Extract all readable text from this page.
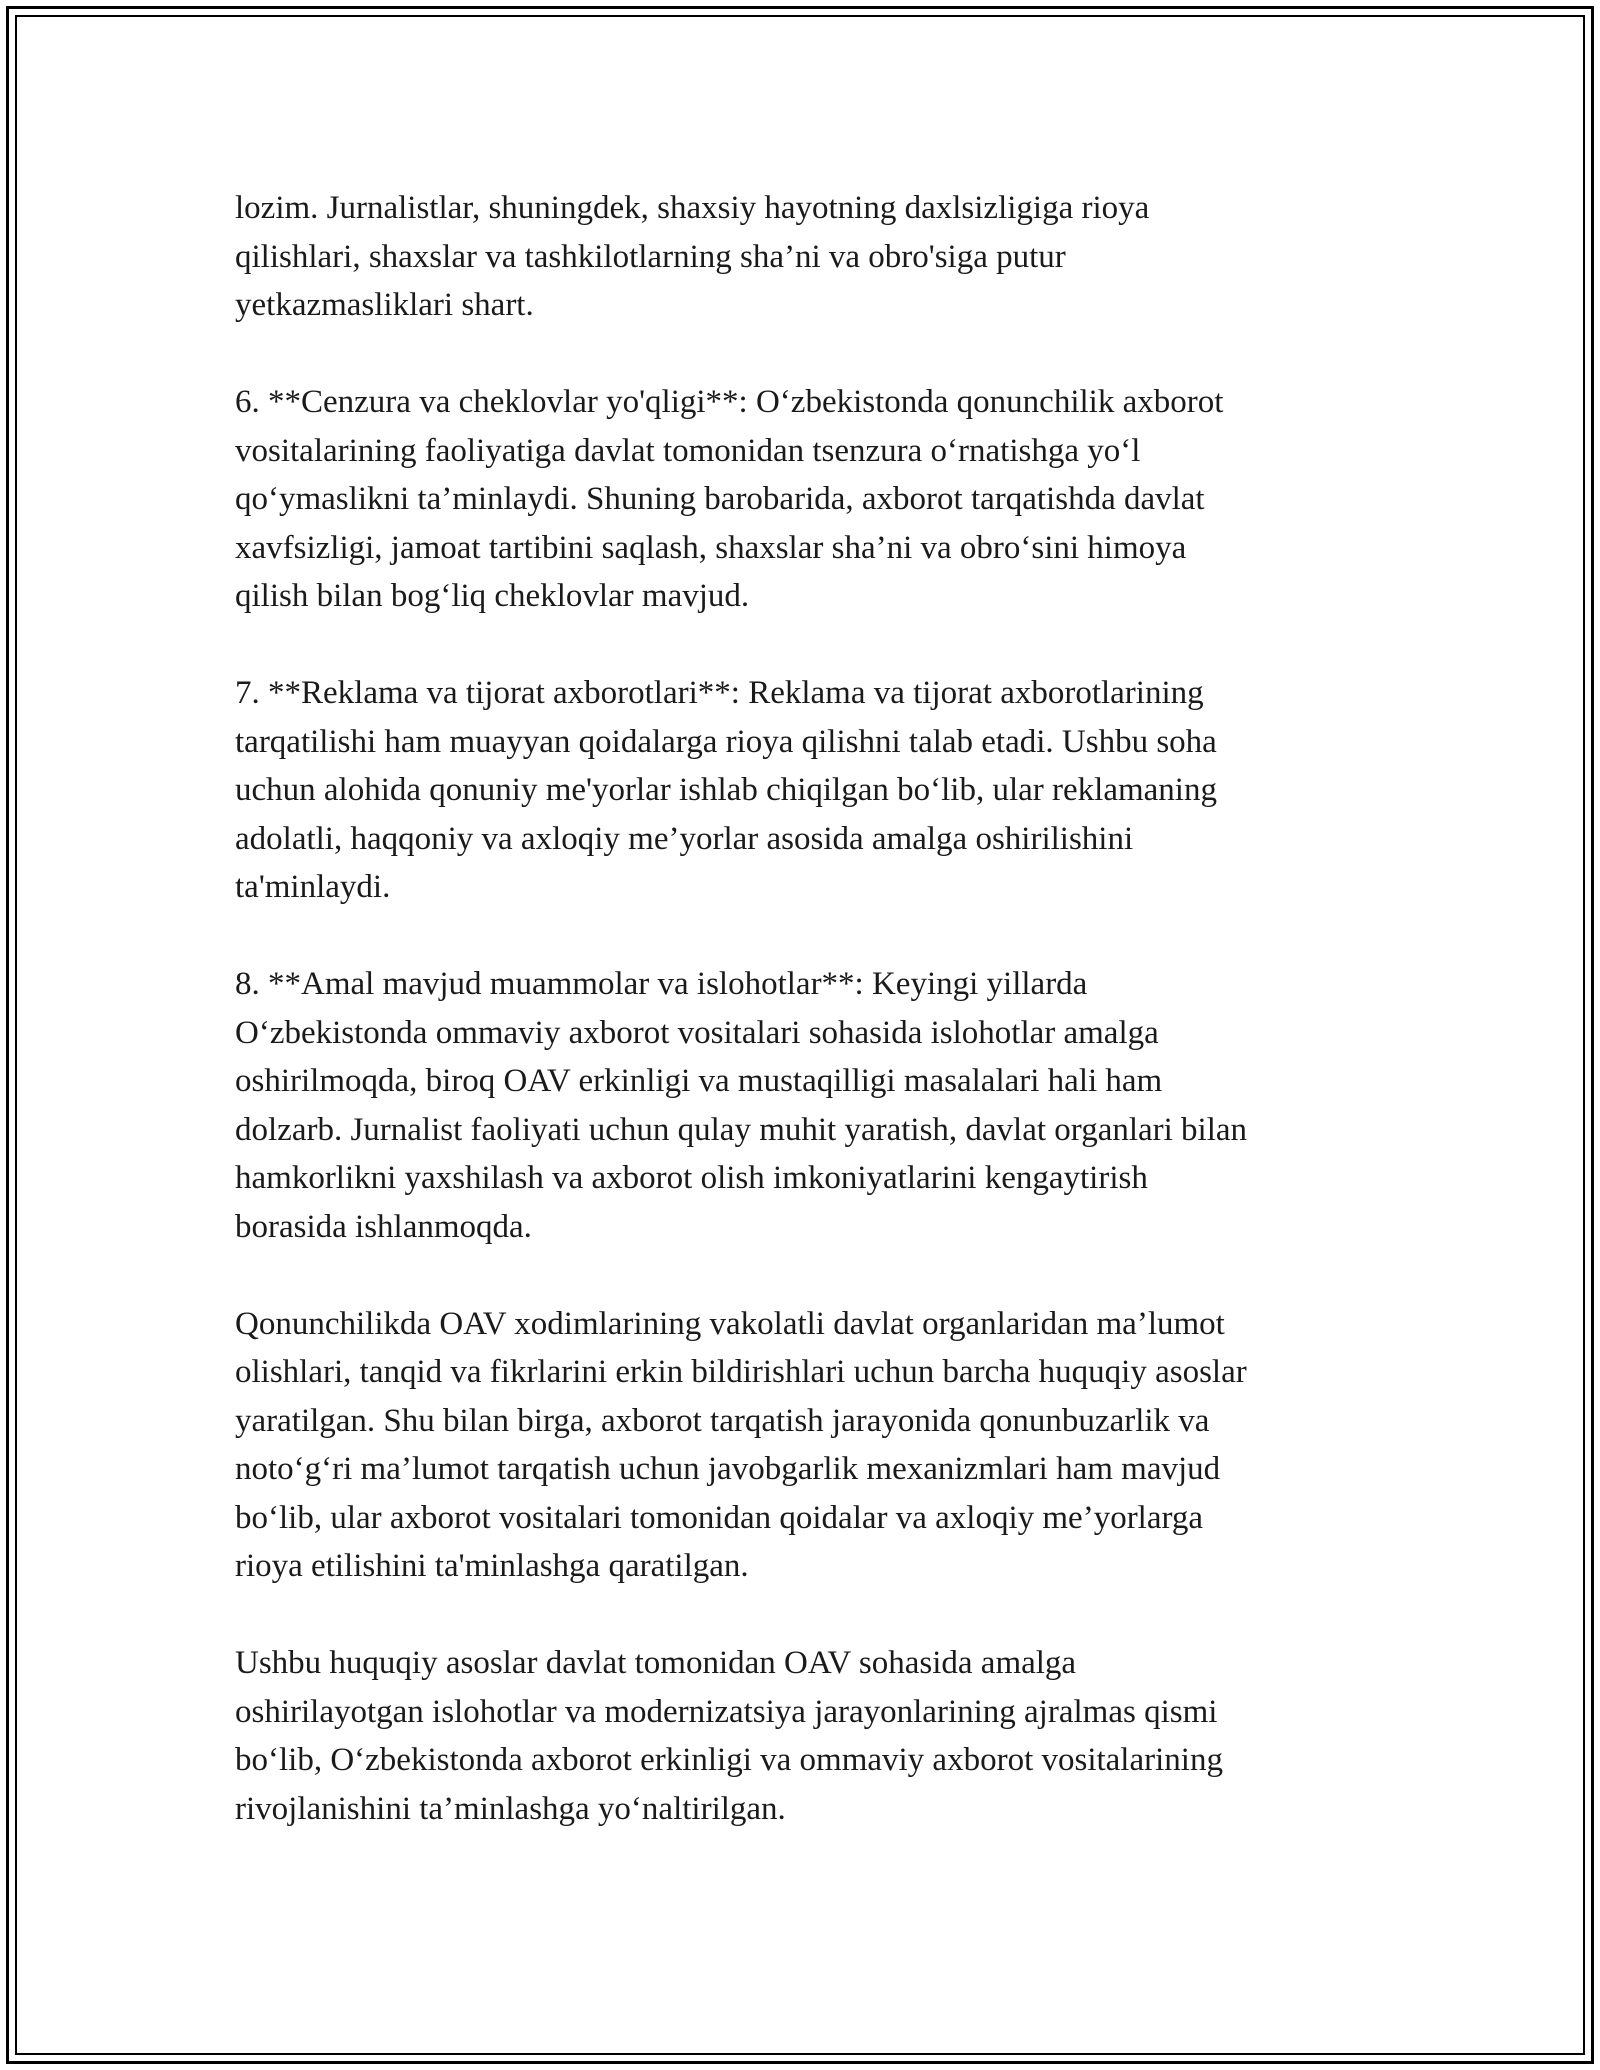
lozim. Jurnalistlar, shuningdek, shaxsiy hayotning daxlsizligiga rioya
qilishlari, shaxslar va tashkilotlarning sha’ni va obro'siga putur
yetkazmasliklari shart.

6. **Cenzura va cheklovlar yo'qligi**: O‘zbekistonda qonunchilik axborot
vositalarining faoliyatiga davlat tomonidan tsenzura o‘rnatishga yo‘l
qo‘ymaslikni ta’minlaydi. Shuning barobarida, axborot tarqatishda davlat
xavfsizligi, jamoat tartibini saqlash, shaxslar sha’ni va obro‘sini himoya
qilish bilan bog‘liq cheklovlar mavjud.

7. **Reklama va tijorat axborotlari**: Reklama va tijorat axborotlarining
tarqatilishi ham muayyan qoidalarga rioya qilishni talab etadi. Ushbu soha
uchun alohida qonuniy me'yorlar ishlab chiqilgan bo‘lib, ular reklamaning
adolatli, haqqoniy va axloqiy me’yorlar asosida amalga oshirilishini
ta'minlaydi.

8. **Amal mavjud muammolar va islohotlar**: Keyingi yillarda
O‘zbekistonda ommaviy axborot vositalari sohasida islohotlar amalga
oshirilmoqda, biroq OAV erkinligi va mustaqilligi masalalari hali ham
dolzarb. Jurnalist faoliyati uchun qulay muhit yaratish, davlat organlari bilan
hamkorlikni yaxshilash va axborot olish imkoniyatlarini kengaytirish
borasida ishlanmoqda.

Qonunchilikda OAV xodimlarining vakolatli davlat organlaridan ma’lumot
olishlari, tanqid va fikrlarini erkin bildirishlari uchun barcha huquqiy asoslar
yaratilgan. Shu bilan birga, axborot tarqatish jarayonida qonunbuzarlik va
noto‘g‘ri ma’lumot tarqatish uchun javobgarlik mexanizmlari ham mavjud
bo‘lib, ular axborot vositalari tomonidan qoidalar va axloqiy me’yorlarga
rioya etilishini ta'minlashga qaratilgan.

Ushbu huquqiy asoslar davlat tomonidan OAV sohasida amalga
oshirilayotgan islohotlar va modernizatsiya jarayonlarining ajralmas qismi
bo‘lib, O‘zbekistonda axborot erkinligi va ommaviy axborot vositalarining
rivojlanishini ta’minlashga yo‘naltirilgan.
